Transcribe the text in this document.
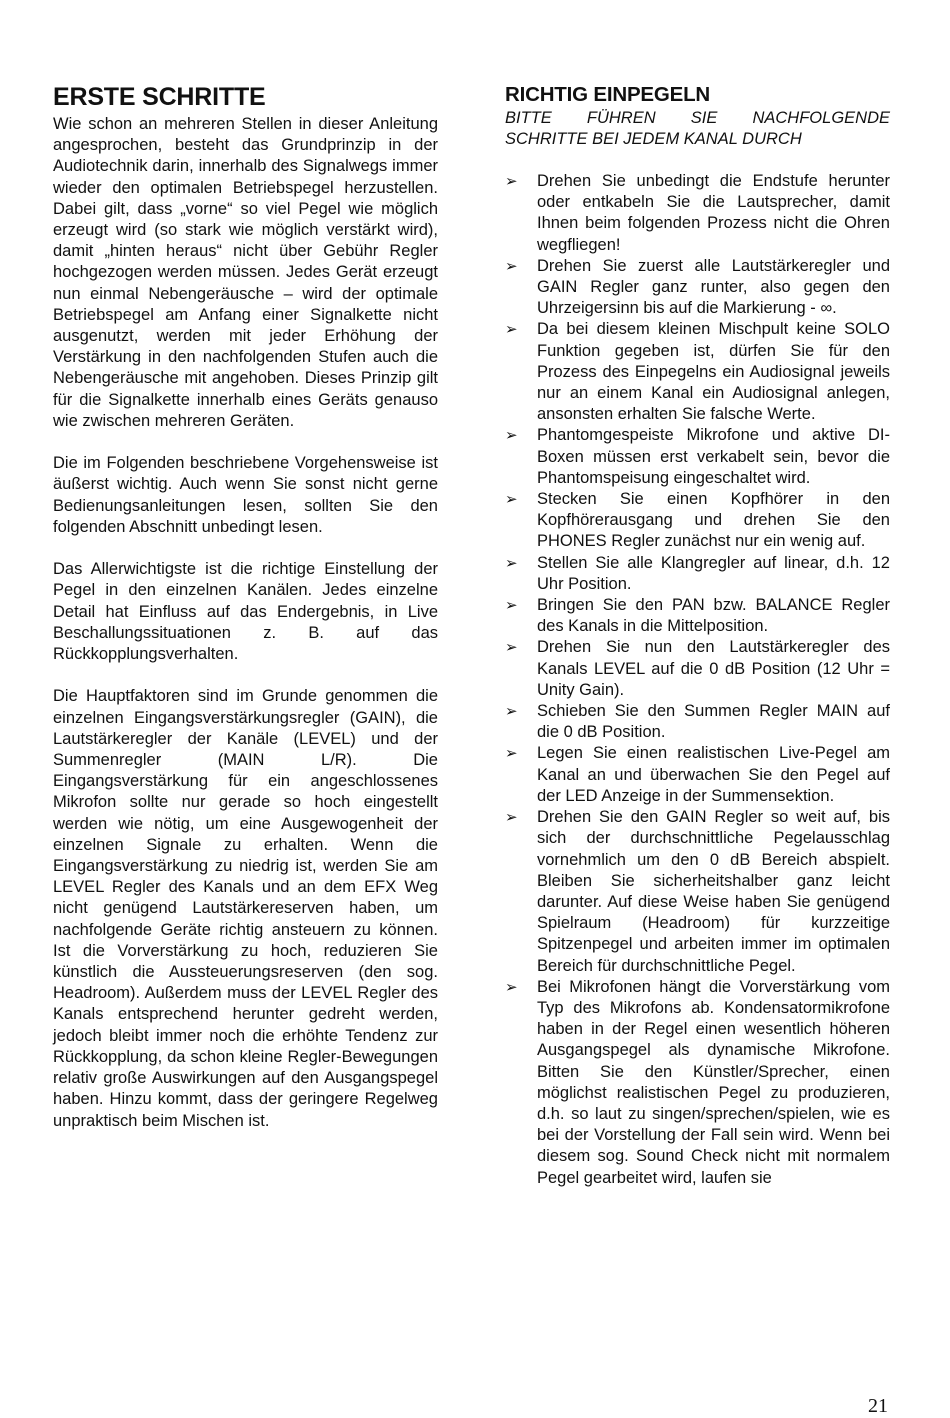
ERSTE SCHRITTE

Wie schon an mehreren Stellen in dieser Anleitung angesprochen, besteht das Grundprinzip in der Audiotechnik darin, innerhalb des Signalwegs immer wieder den optimalen Betriebspegel herzustellen. Dabei gilt, dass „vorne“ so viel Pegel wie möglich erzeugt wird (so stark wie möglich verstärkt wird), damit „hinten heraus“ nicht über Gebühr Regler hochgezogen werden müssen. Jedes Gerät erzeugt nun einmal Nebengeräusche – wird der optimale Betriebspegel am Anfang einer Signalkette nicht ausgenutzt, werden mit jeder Erhöhung der Verstärkung in den nachfolgenden Stufen auch die Nebengeräusche mit angehoben. Dieses Prinzip gilt für die Signalkette innerhalb eines Geräts genauso wie zwischen mehreren Geräten.

Die im Folgenden beschriebene Vorgehensweise ist äußerst wichtig. Auch wenn Sie sonst nicht gerne Bedienungsanleitungen lesen, sollten Sie den folgenden Abschnitt unbedingt lesen.

Das Allerwichtigste ist die richtige Einstellung der Pegel in den einzelnen Kanälen. Jedes einzelne Detail hat Einfluss auf das Endergebnis, in Live Beschallungssituationen z. B. auf das Rückkopplungsverhalten.

Die Hauptfaktoren sind im Grunde genommen die einzelnen Eingangsverstärkungsregler (GAIN), die Lautstärkeregler der Kanäle (LEVEL) und der Summenregler (MAIN L/R). Die Eingangsverstärkung für ein angeschlossenes Mikrofon sollte nur gerade so hoch eingestellt werden wie nötig, um eine Ausgewogenheit der einzelnen Signale zu erhalten. Wenn die Eingangsverstärkung zu niedrig ist, werden Sie am LEVEL Regler des Kanals und an dem EFX Weg nicht genügend Lautstärkereserven haben, um nachfolgende Geräte richtig ansteuern zu können. Ist die Vorverstärkung zu hoch, reduzieren Sie künstlich die Aussteuerungsreserven (den sog. Headroom). Außerdem muss der LEVEL Regler des Kanals entsprechend herunter gedreht werden, jedoch bleibt immer noch die erhöhte Tendenz zur Rückkopplung, da schon kleine Regler-Bewegungen relativ große Auswirkungen auf den Ausgangspegel haben. Hinzu kommt, dass der geringere Regelweg unpraktisch beim Mischen ist.

RICHTIG EINPEGELN
BITTE FÜHREN SIE NACHFOLGENDE
SCHRITTE BEI JEDEM KANAL DURCH
➢ Drehen Sie unbedingt die Endstufe herunter oder entkabeln Sie die Lautsprecher, damit Ihnen beim folgenden Prozess nicht die Ohren wegfliegen!
➢ Drehen Sie zuerst alle Lautstärkeregler und GAIN Regler ganz runter, also gegen den Uhrzeigersinn bis auf die Markierung - ∞.
➢ Da bei diesem kleinen Mischpult keine SOLO Funktion gegeben ist, dürfen Sie für den Prozess des Einpegelns ein Audiosignal jeweils nur an einem Kanal ein Audiosignal anlegen, ansonsten erhalten Sie falsche Werte.
➢ Phantomgespeiste Mikrofone und aktive DI-Boxen müssen erst verkabelt sein, bevor die Phantomspeisung eingeschaltet wird.
➢ Stecken Sie einen Kopfhörer in den Kopfhörerausgang und drehen Sie den PHONES Regler zunächst nur ein wenig auf.
➢ Stellen Sie alle Klangregler auf linear, d.h. 12 Uhr Position.
➢ Bringen Sie den PAN bzw. BALANCE Regler des Kanals in die Mittelposition.
➢ Drehen Sie nun den Lautstärkeregler des Kanals LEVEL auf die 0 dB Position (12 Uhr = Unity Gain).
➢ Schieben Sie den Summen Regler MAIN auf die 0 dB Position.
➢ Legen Sie einen realistischen Live-Pegel am Kanal an und überwachen Sie den Pegel auf der LED Anzeige in der Summensektion.
➢ Drehen Sie den GAIN Regler so weit auf, bis sich der durchschnittliche Pegelausschlag vornehmlich um den 0 dB Bereich abspielt. Bleiben Sie sicherheitshalber ganz leicht darunter. Auf diese Weise haben Sie genügend Spielraum (Headroom) für kurzzeitige Spitzenpegel und arbeiten immer im optimalen Bereich für durchschnittliche Pegel.
➢ Bei Mikrofonen hängt die Vorverstärkung vom Typ des Mikrofons ab. Kondensatormikrofone haben in der Regel einen wesentlich höheren Ausgangspegel als dynamische Mikrofone. Bitten Sie den Künstler/Sprecher, einen möglichst realistischen Pegel zu produzieren, d.h. so laut zu singen/sprechen/spielen, wie es bei der Vorstellung der Fall sein wird. Wenn bei diesem sog. Sound Check nicht mit normalem Pegel gearbeitet wird, laufen sie
21
